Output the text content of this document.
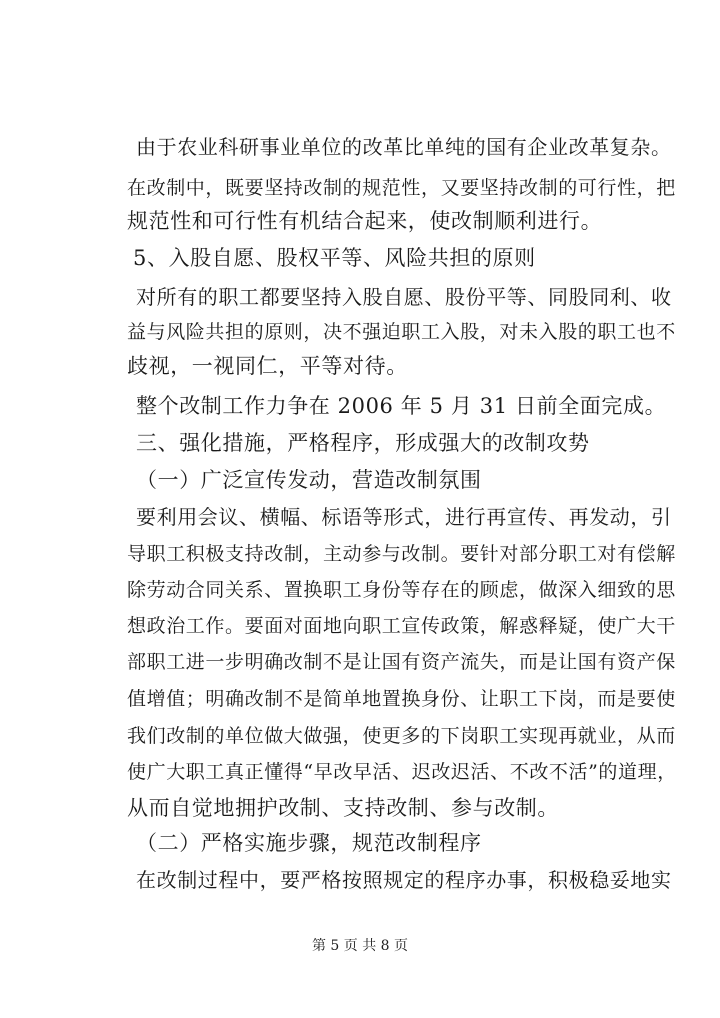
由于农业科研事业单位的改革比单纯的国有企业改革复杂。
在改制中，既要坚持改制的规范性，又要坚持改制的可行性，把
规范性和可行性有机结合起来，使改制顺利进行。
5、入股自愿、股权平等、风险共担的原则
对所有的职工都要坚持入股自愿、股份平等、同股同利、收
益与风险共担的原则，决不强迫职工入股，对未入股的职工也不
歧视，一视同仁，平等对待。
整个改制工作力争在 2006 年 5 月 31 日前全面完成。
三、强化措施，严格程序，形成强大的改制攻势
（一）广泛宣传发动，营造改制氛围
要利用会议、横幅、标语等形式，进行再宣传、再发动，引
导职工积极支持改制，主动参与改制。要针对部分职工对有偿解
除劳动合同关系、置换职工身份等存在的顾虑，做深入细致的思
想政治工作。要面对面地向职工宣传政策，解惑释疑，使广大干
部职工进一步明确改制不是让国有资产流失，而是让国有资产保
值增值；明确改制不是简单地置换身份、让职工下岗，而是要使
我们改制的单位做大做强，使更多的下岗职工实现再就业，从而
使广大职工真正懂得“早改早活、迟改迟活、不改不活”的道理，
从而自觉地拥护改制、支持改制、参与改制。
（二）严格实施步骤，规范改制程序
在改制过程中，要严格按照规定的程序办事，积极稳妥地实
第 5 页 共 8 页
